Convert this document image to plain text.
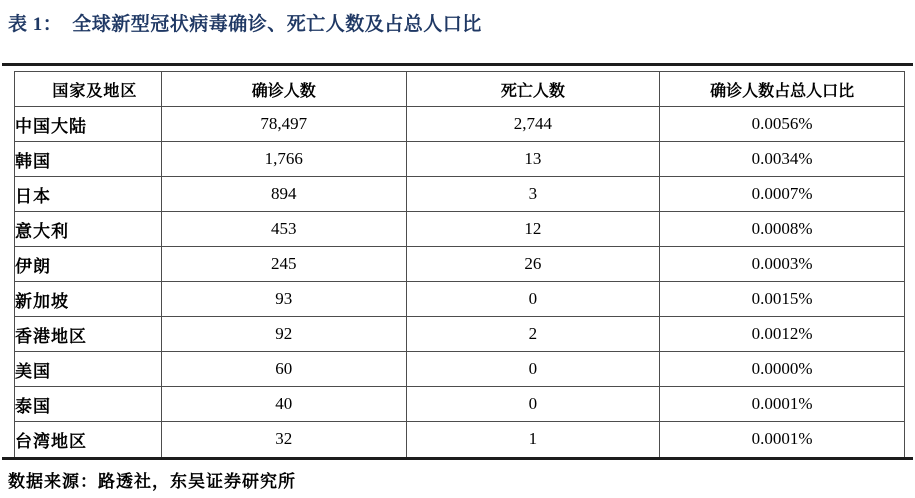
表 1： 全球新型冠状病毒确诊、死亡人数及占总人口比
国家及地区	确诊人数	死亡人数	确诊人数占总人口比
中国大陆	78,497	2,744	0.0056%
韩国	1,766	13	0.0034%
日本	894	3	0.0007%
意大利	453	12	0.0008%
伊朗	245	26	0.0003%
新加坡	93	0	0.0015%
香港地区	92	2	0.0012%
美国	60	0	0.0000%
泰国	40	0	0.0001%
台湾地区	32	1	0.0001%
数据来源：路透社，东吴证券研究所
